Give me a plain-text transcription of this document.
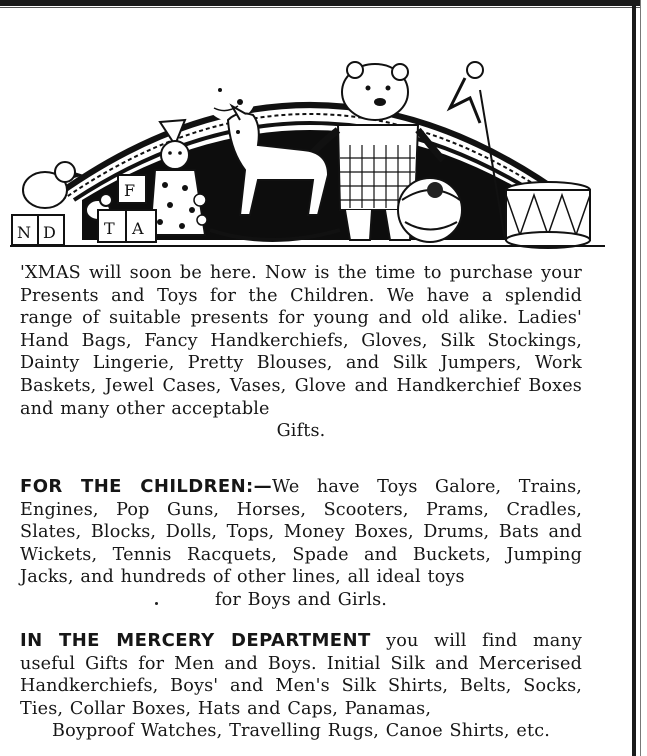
N D
F
T A

'XMAS will soon be here. Now is the time to purchase your Presents and Toys for the Children. We have a splendid range of suitable presents for young and old alike. Ladies' Hand Bags, Fancy Handkerchiefs, Gloves, Silk Stockings, Dainty Lingerie, Pretty Blouses, and Silk Jumpers, Work Baskets, Jewel Cases, Vases, Glove and Handkerchief Boxes and many other acceptable
Gifts.

FOR THE CHILDREN:—We have Toys Galore, Trains, Engines, Pop Guns, Horses, Scooters, Prams, Cradles, Slates, Blocks, Dolls, Tops, Money Boxes, Drums, Bats and Wickets, Tennis Racquets, Spade and Buckets, Jumping Jacks, and hundreds of other lines, all ideal toys
for Boys and Girls.

IN THE MERCERY DEPARTMENT you will find many useful Gifts for Men and Boys. Initial Silk and Mercerised Handkerchiefs, Boys' and Men's Silk Shirts, Belts, Socks, Ties, Collar Boxes, Hats and Caps, Panamas,
Boyproof Watches, Travelling Rugs, Canoe Shirts, etc.
